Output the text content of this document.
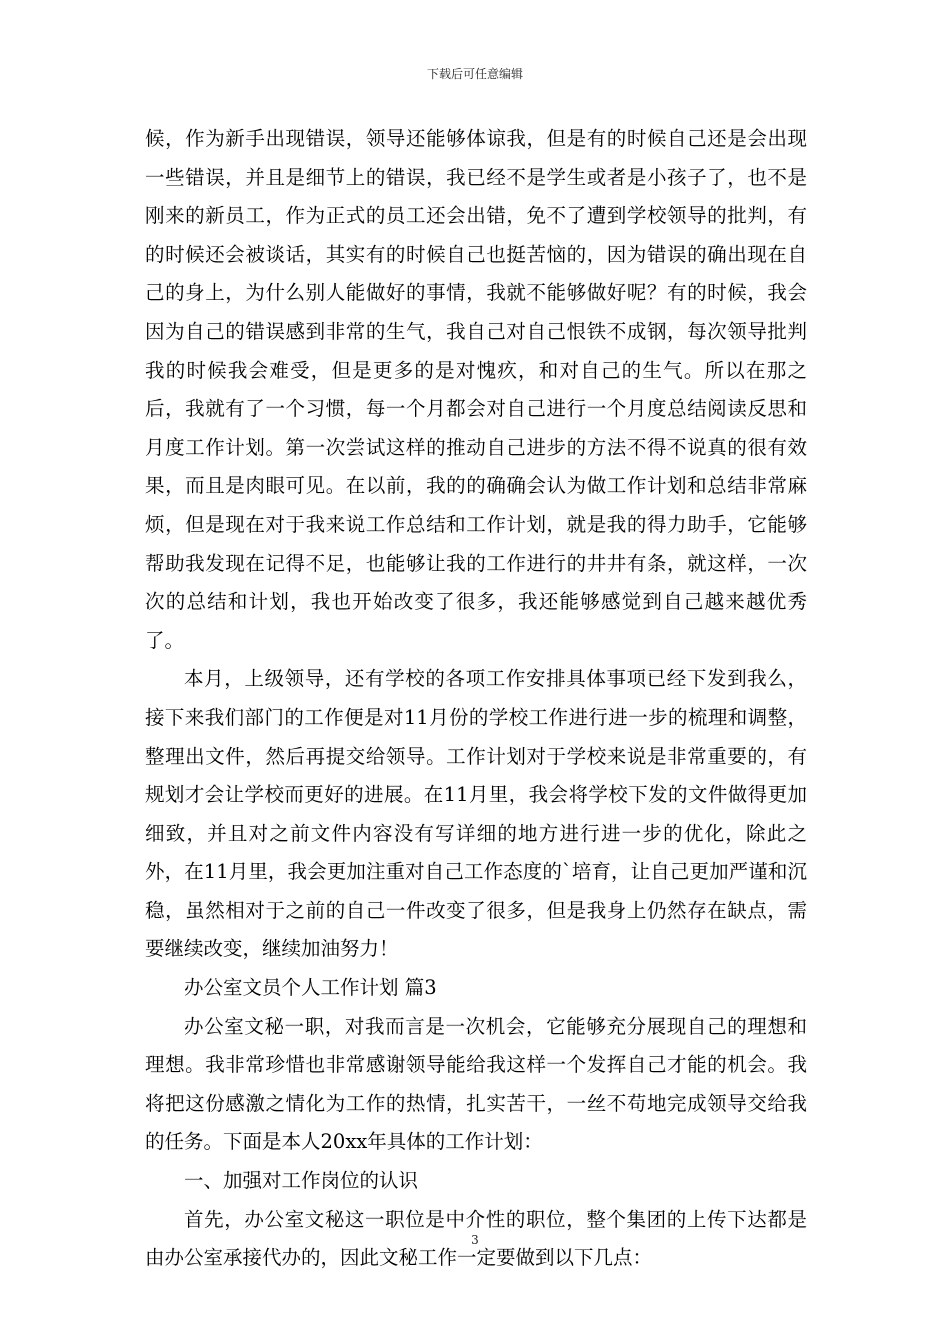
下载后可任意编辑

候，作为新手出现错误，领导还能够体谅我，但是有的时候自己还是会出现一些错误，并且是细节上的错误，我已经不是学生或者是小孩子了，也不是刚来的新员工，作为正式的员工还会出错，免不了遭到学校领导的批判，有的时候还会被谈话，其实有的时候自己也挺苦恼的，因为错误的确出现在自己的身上，为什么别人能做好的事情，我就不能够做好呢？有的时候，我会因为自己的错误感到非常的生气，我自己对自己恨铁不成钢，每次领导批判我的时候我会难受，但是更多的是对愧疚，和对自己的生气。所以在那之后，我就有了一个习惯，每一个月都会对自己进行一个月度总结阅读反思和月度工作计划。第一次尝试这样的推动自己进步的方法不得不说真的很有效果，而且是肉眼可见。在以前，我的的确确会认为做工作计划和总结非常麻烦，但是现在对于我来说工作总结和工作计划，就是我的得力助手，它能够帮助我发现在记得不足，也能够让我的工作进行的井井有条，就这样，一次次的总结和计划，我也开始改变了很多，我还能够感觉到自己越来越优秀了。

本月，上级领导，还有学校的各项工作安排具体事项已经下发到我么，接下来我们部门的工作便是对11月份的学校工作进行进一步的梳理和调整，整理出文件，然后再提交给领导。工作计划对于学校来说是非常重要的，有规划才会让学校而更好的进展。在11月里，我会将学校下发的文件做得更加细致，并且对之前文件内容没有写详细的地方进行进一步的优化，除此之外，在11月里，我会更加注重对自己工作态度的`培育，让自己更加严谨和沉稳，虽然相对于之前的自己一件改变了很多，但是我身上仍然存在缺点，需要继续改变，继续加油努力！

办公室文员个人工作计划 篇3

办公室文秘一职，对我而言是一次机会，它能够充分展现自己的理想和理想。我非常珍惜也非常感谢领导能给我这样一个发挥自己才能的机会。我将把这份感激之情化为工作的热情，扎实苦干，一丝不苟地完成领导交给我的任务。下面是本人20xx年具体的工作计划：

一、加强对工作岗位的认识

首先，办公室文秘这一职位是中介性的职位，整个集团的上传下达都是由办公室承接代办的，因此文秘工作一定要做到以下几点：

3
